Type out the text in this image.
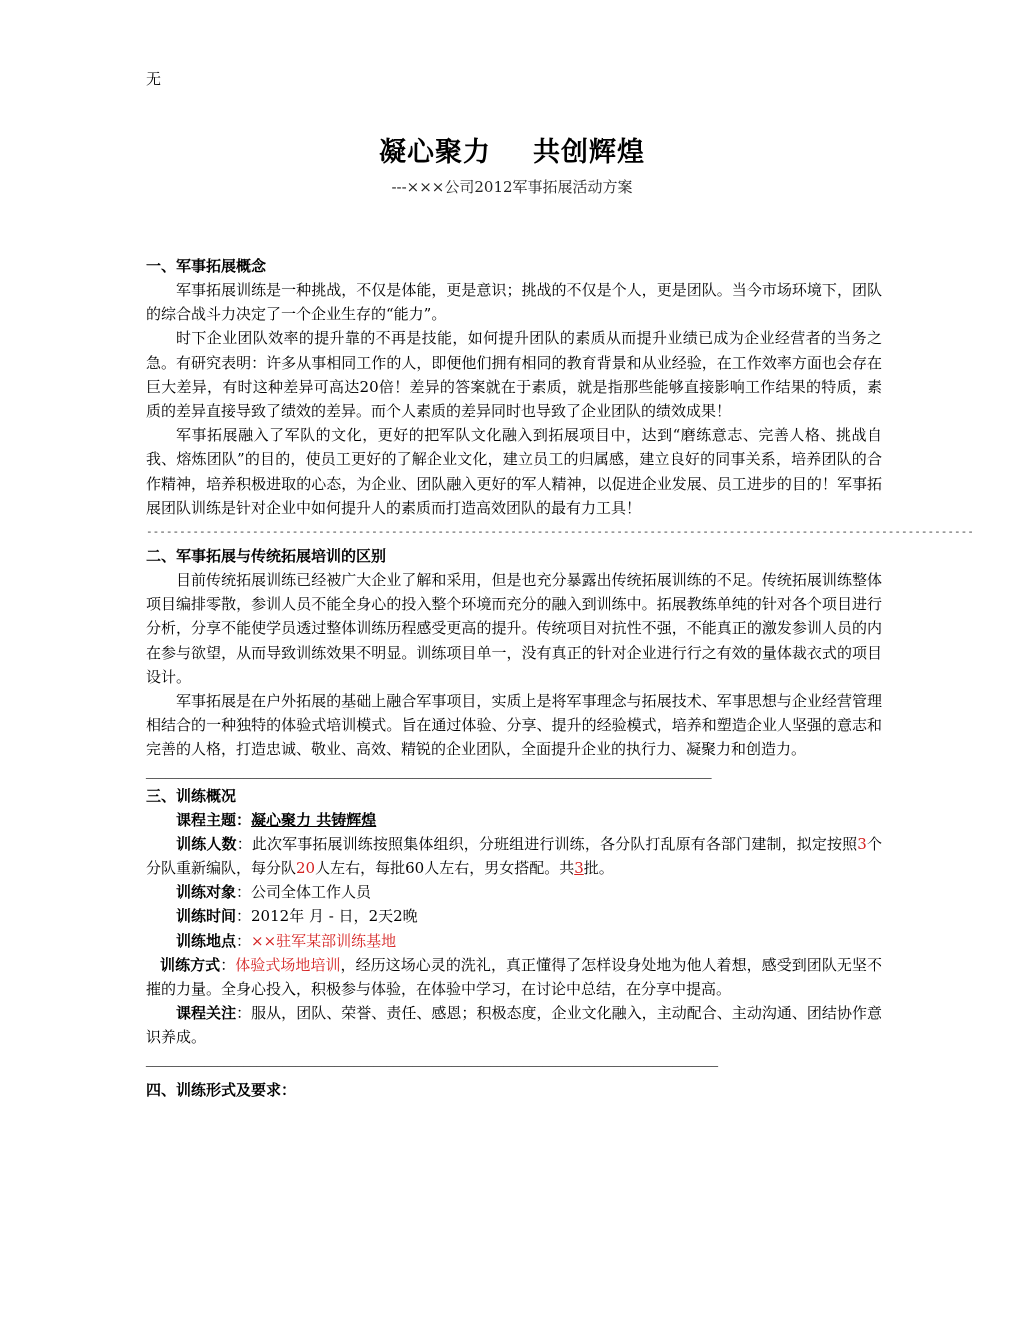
无
凝心聚力 共创辉煌
---×××公司2012军事拓展活动方案
一、军事拓展概念

军事拓展训练是一种挑战，不仅是体能，更是意识；挑战的不仅是个人，更是团队。当今市场环境下，团队的综合战斗力决定了一个企业生存的“能力”。

时下企业团队效率的提升靠的不再是技能，如何提升团队的素质从而提升业绩已成为企业经营者的当务之急。有研究表明：许多从事相同工作的人，即便他们拥有相同的教育背景和从业经验，在工作效率方面也会存在巨大差异，有时这种差异可高达20倍！差异的答案就在于素质，就是指那些能够直接影响工作结果的特质，素质的差异直接导致了绩效的差异。而个人素质的差异同时也导致了企业团队的绩效成果！

军事拓展融入了军队的文化，更好的把军队文化融入到拓展项目中，达到“磨练意志、完善人格、挑战自我、熔炼团队”的目的，使员工更好的了解企业文化，建立员工的归属感，建立良好的同事关系，培养团队的合作精神，培养积极进取的心态，为企业、团队融入更好的军人精神，以促进企业发展、员工进步的目的！军事拓展团队训练是针对企业中如何提升人的素质而打造高效团队的最有力工具！

-----------------------------------------------------------------------------------------------------------------------------
二、军事拓展与传统拓展培训的区别

目前传统拓展训练已经被广大企业了解和采用，但是也充分暴露出传统拓展训练的不足。传统拓展训练整体项目编排零散，参训人员不能全身心的投入整个环境而充分的融入到训练中。拓展教练单纯的针对各个项目进行分析，分享不能使学员透过整体训练历程感受更高的提升。传统项目对抗性不强，不能真正的激发参训人员的内在参与欲望，从而导致训练效果不明显。训练项目单一，没有真正的针对企业进行行之有效的量体裁衣式的项目设计。

军事拓展是在户外拓展的基础上融合军事项目，实质上是将军事理念与拓展技术、军事思想与企业经营管理相结合的一种独特的体验式培训模式。旨在通过体验、分享、提升的经验模式，培养和塑造企业人坚强的意志和完善的人格，打造忠诚、敬业、高效、精锐的企业团队，全面提升企业的执行力、凝聚力和创造力。

_______________________________________________________________________________________
三、训练概况
课程主题：凝心聚力 共铸辉煌

训练人数：此次军事拓展训练按照集体组织，分班组进行训练，各分队打乱原有各部门建制，拟定按照3个分队重新编队，每分队20人左右，每批60人左右，男女搭配。共3批。

训练对象：公司全体工作人员
训练时间：2012年 月 - 日，2天2晚
训练地点：××驻军某部训练基地

训练方式：体验式场地培训，经历这场心灵的洗礼，真正懂得了怎样设身处地为他人着想，感受到团队无坚不摧的力量。全身心投入，积极参与体验，在体验中学习，在讨论中总结，在分享中提高。

课程关注：服从，团队、荣誉、责任、感恩；积极态度，企业文化融入，主动配合、主动沟通、团结协作意识养成。

________________________________________________________________________________________
四、训练形式及要求：
